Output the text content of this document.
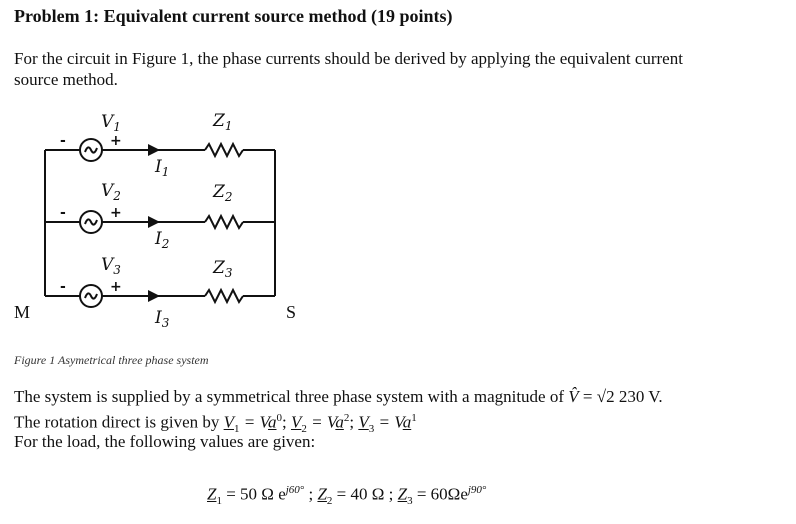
Problem 1: Equivalent current source method (19 points)
For the circuit in Figure 1, the phase currents should be derived by applying the equivalent current
source method.
-	+
-	+
-	+
$V_1$
$V_2$
$V_3$
$I_1$
$I_2$
$I_3$
$Z_1$
$Z_2$
$Z_3$
M	S
Figure 1 Asymetrical three phase system
The system is supplied by a symmetrical three phase system with a magnitude of V̂ = √2 230 V.
The rotation direct is given by $V_1 = Va^0$; $V_2 = Va^2$; $V_3 = Va^1$
For the load, the following values are given:
$Z_1 = 50$ Ω $e^{j60^\circ}$ ; $Z_2 = 40$ Ω ; $Z_3 = 60\Omega e^{j90^\circ}$
